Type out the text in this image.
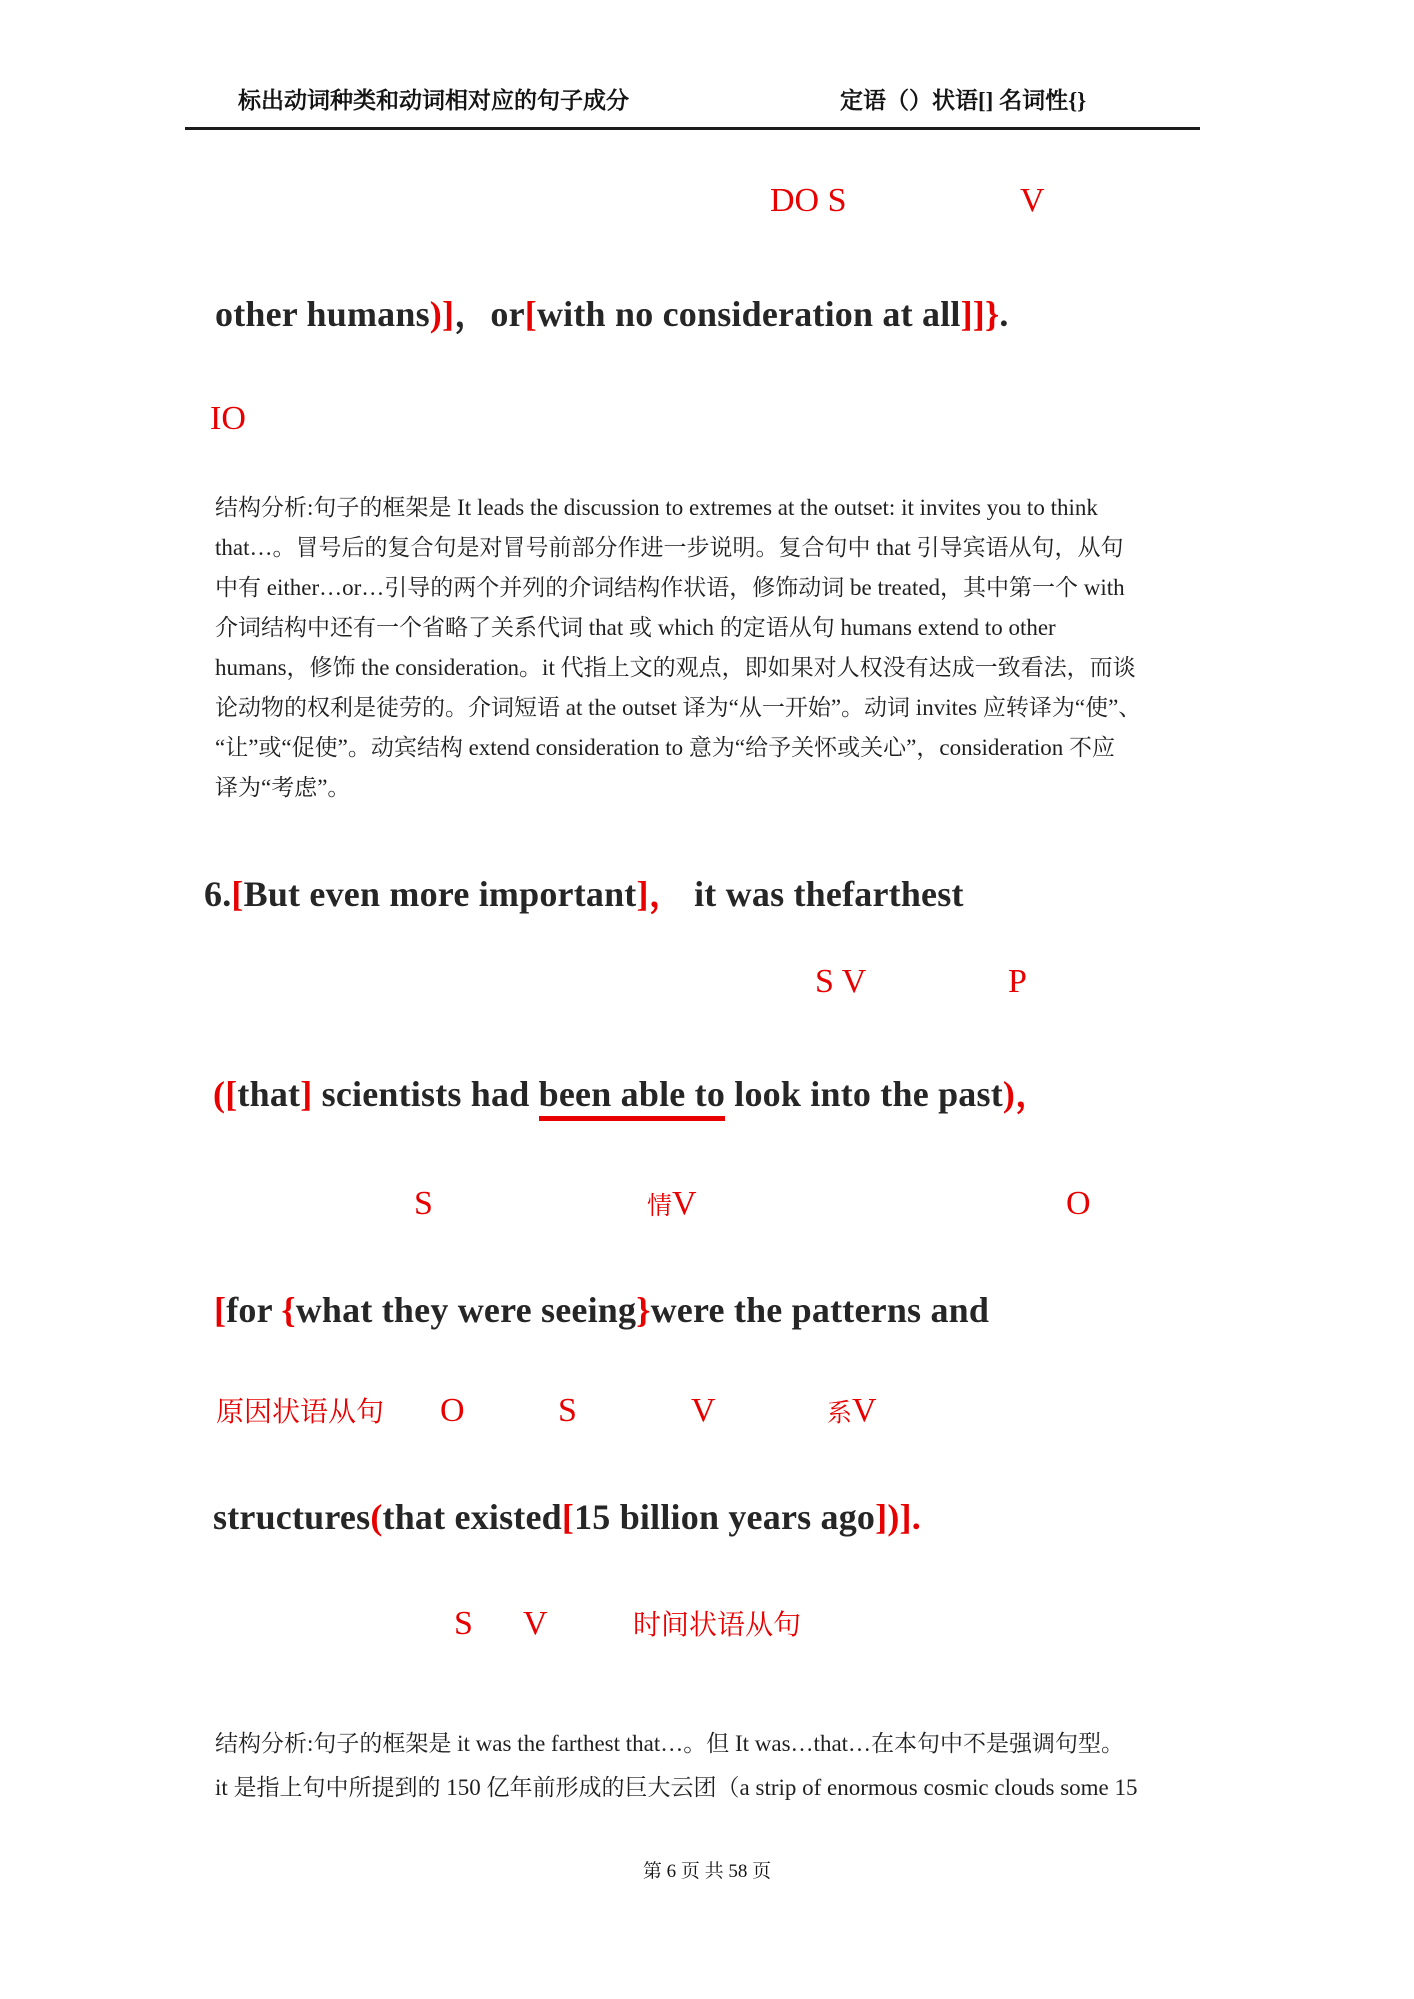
标出动词种类和动词相对应的句子成分	定语（）状语[] 名词性{}
DO S	V
other humans)]，or[with no consideration at all]]}.
IO
结构分析:句子的框架是 It leads the discussion to extremes at the outset: it invites you to think
that…。冒号后的复合句是对冒号前部分作进一步说明。复合句中 that 引导宾语从句，从句
中有 either…or…引导的两个并列的介词结构作状语，修饰动词 be treated，其中第一个 with
介词结构中还有一个省略了关系代词 that 或 which 的定语从句 humans extend to other
humans，修饰 the consideration。it 代指上文的观点，即如果对人权没有达成一致看法，而谈
论动物的权利是徒劳的。介词短语 at the outset 译为“从一开始”。动词 invites 应转译为“使”、
“让”或“促使”。动宾结构 extend consideration to 意为“给予关怀或关心”，consideration 不应
译为“考虑”。
6.[But even more important]， it was thefarthest
S V	P
([that] scientists had been able to look into the past)，
S	情V	O
[for {what they were seeing}were the patterns and
原因状语从句 O	S	V	系V
structures(that existed[15 billion years ago])].
S V	时间状语从句
结构分析:句子的框架是 it was the farthest that…。但 It was…that…在本句中不是强调句型。
it 是指上句中所提到的 150 亿年前形成的巨大云团（a strip of enormous cosmic clouds some 15
第 6 页 共 58 页
